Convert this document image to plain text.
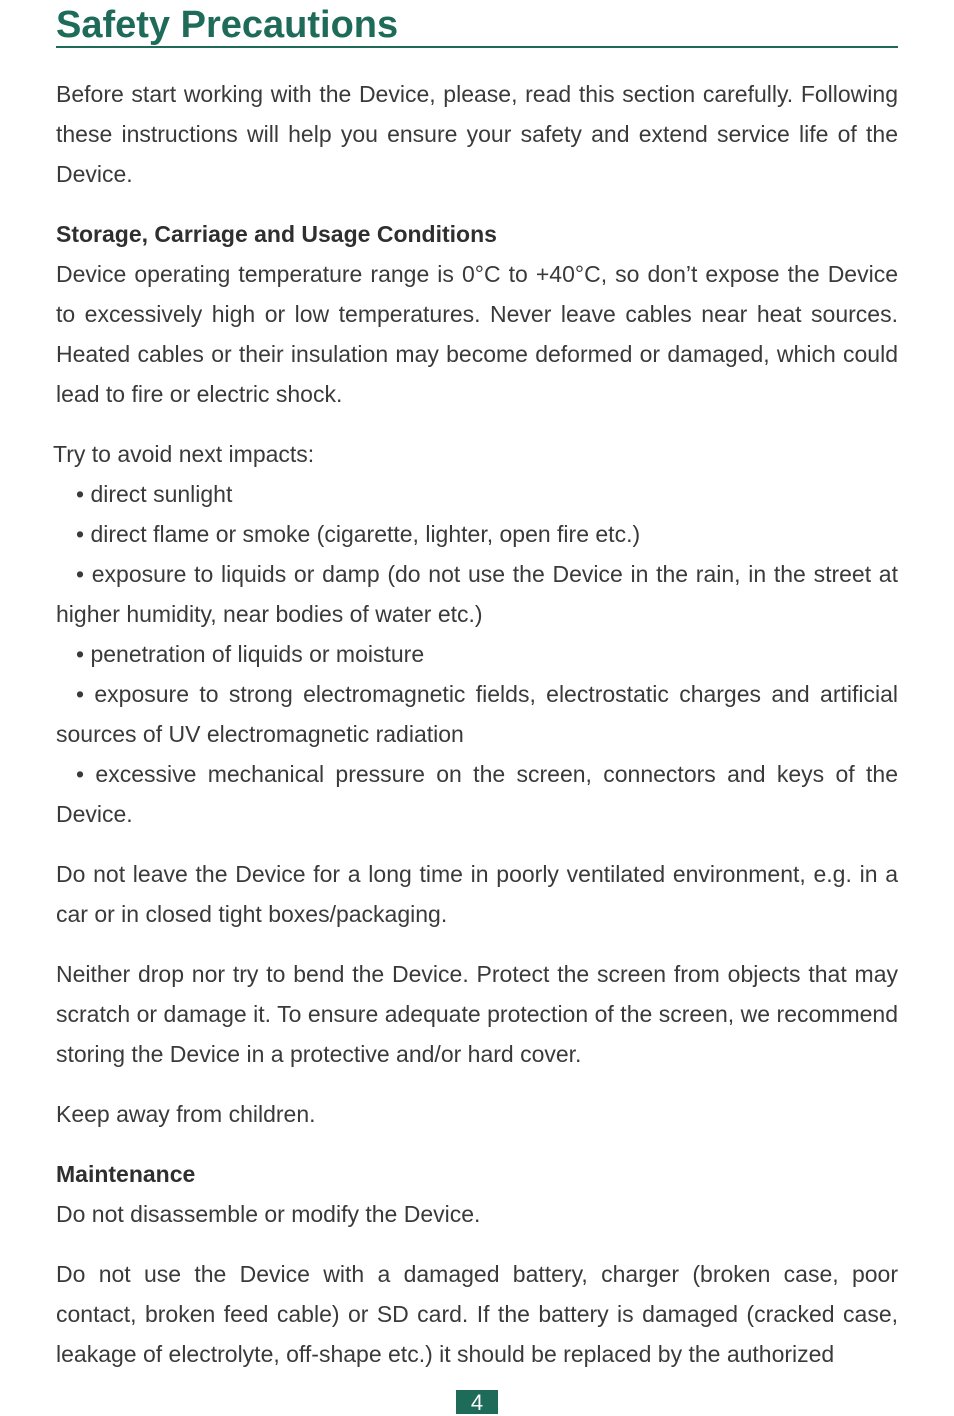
Safety Precautions

Before start working with the Device, please, read this section carefully. Following these instructions will help you ensure your safety and extend service life of the Device.

Storage, Carriage and Usage Conditions

Device operating temperature range is 0°C to +40°C, so don’t expose the Device to excessively high or low temperatures. Never leave cables near heat sources. Heated cables or their insulation may become deformed or damaged, which could lead to fire or electric shock.

Try to avoid next impacts:

• direct sunlight

• direct flame or smoke (cigarette, lighter, open fire etc.)

• exposure to liquids or damp (do not use the Device in the rain, in the street at higher humidity, near bodies of water etc.)

• penetration of liquids or moisture

• exposure to strong electromagnetic fields, electrostatic charges and artificial sources of UV electromagnetic radiation

• excessive mechanical pressure on the screen, connectors and keys of the Device.

Do not leave the Device for a long time in poorly ventilated environment, e.g. in a car or in closed tight boxes/packaging.

Neither drop nor try to bend the Device. Protect the screen from objects that may scratch or damage it. To ensure adequate protection of the screen, we recommend storing the Device in a protective and/or hard cover.

Keep away from children.

Maintenance

Do not disassemble or modify the Device.

Do not use the Device with a damaged battery, charger (broken case, poor contact, broken feed cable) or SD card. If the battery is damaged (cracked case, leakage of electrolyte, off-shape etc.) it should be replaced by the authorized

4
